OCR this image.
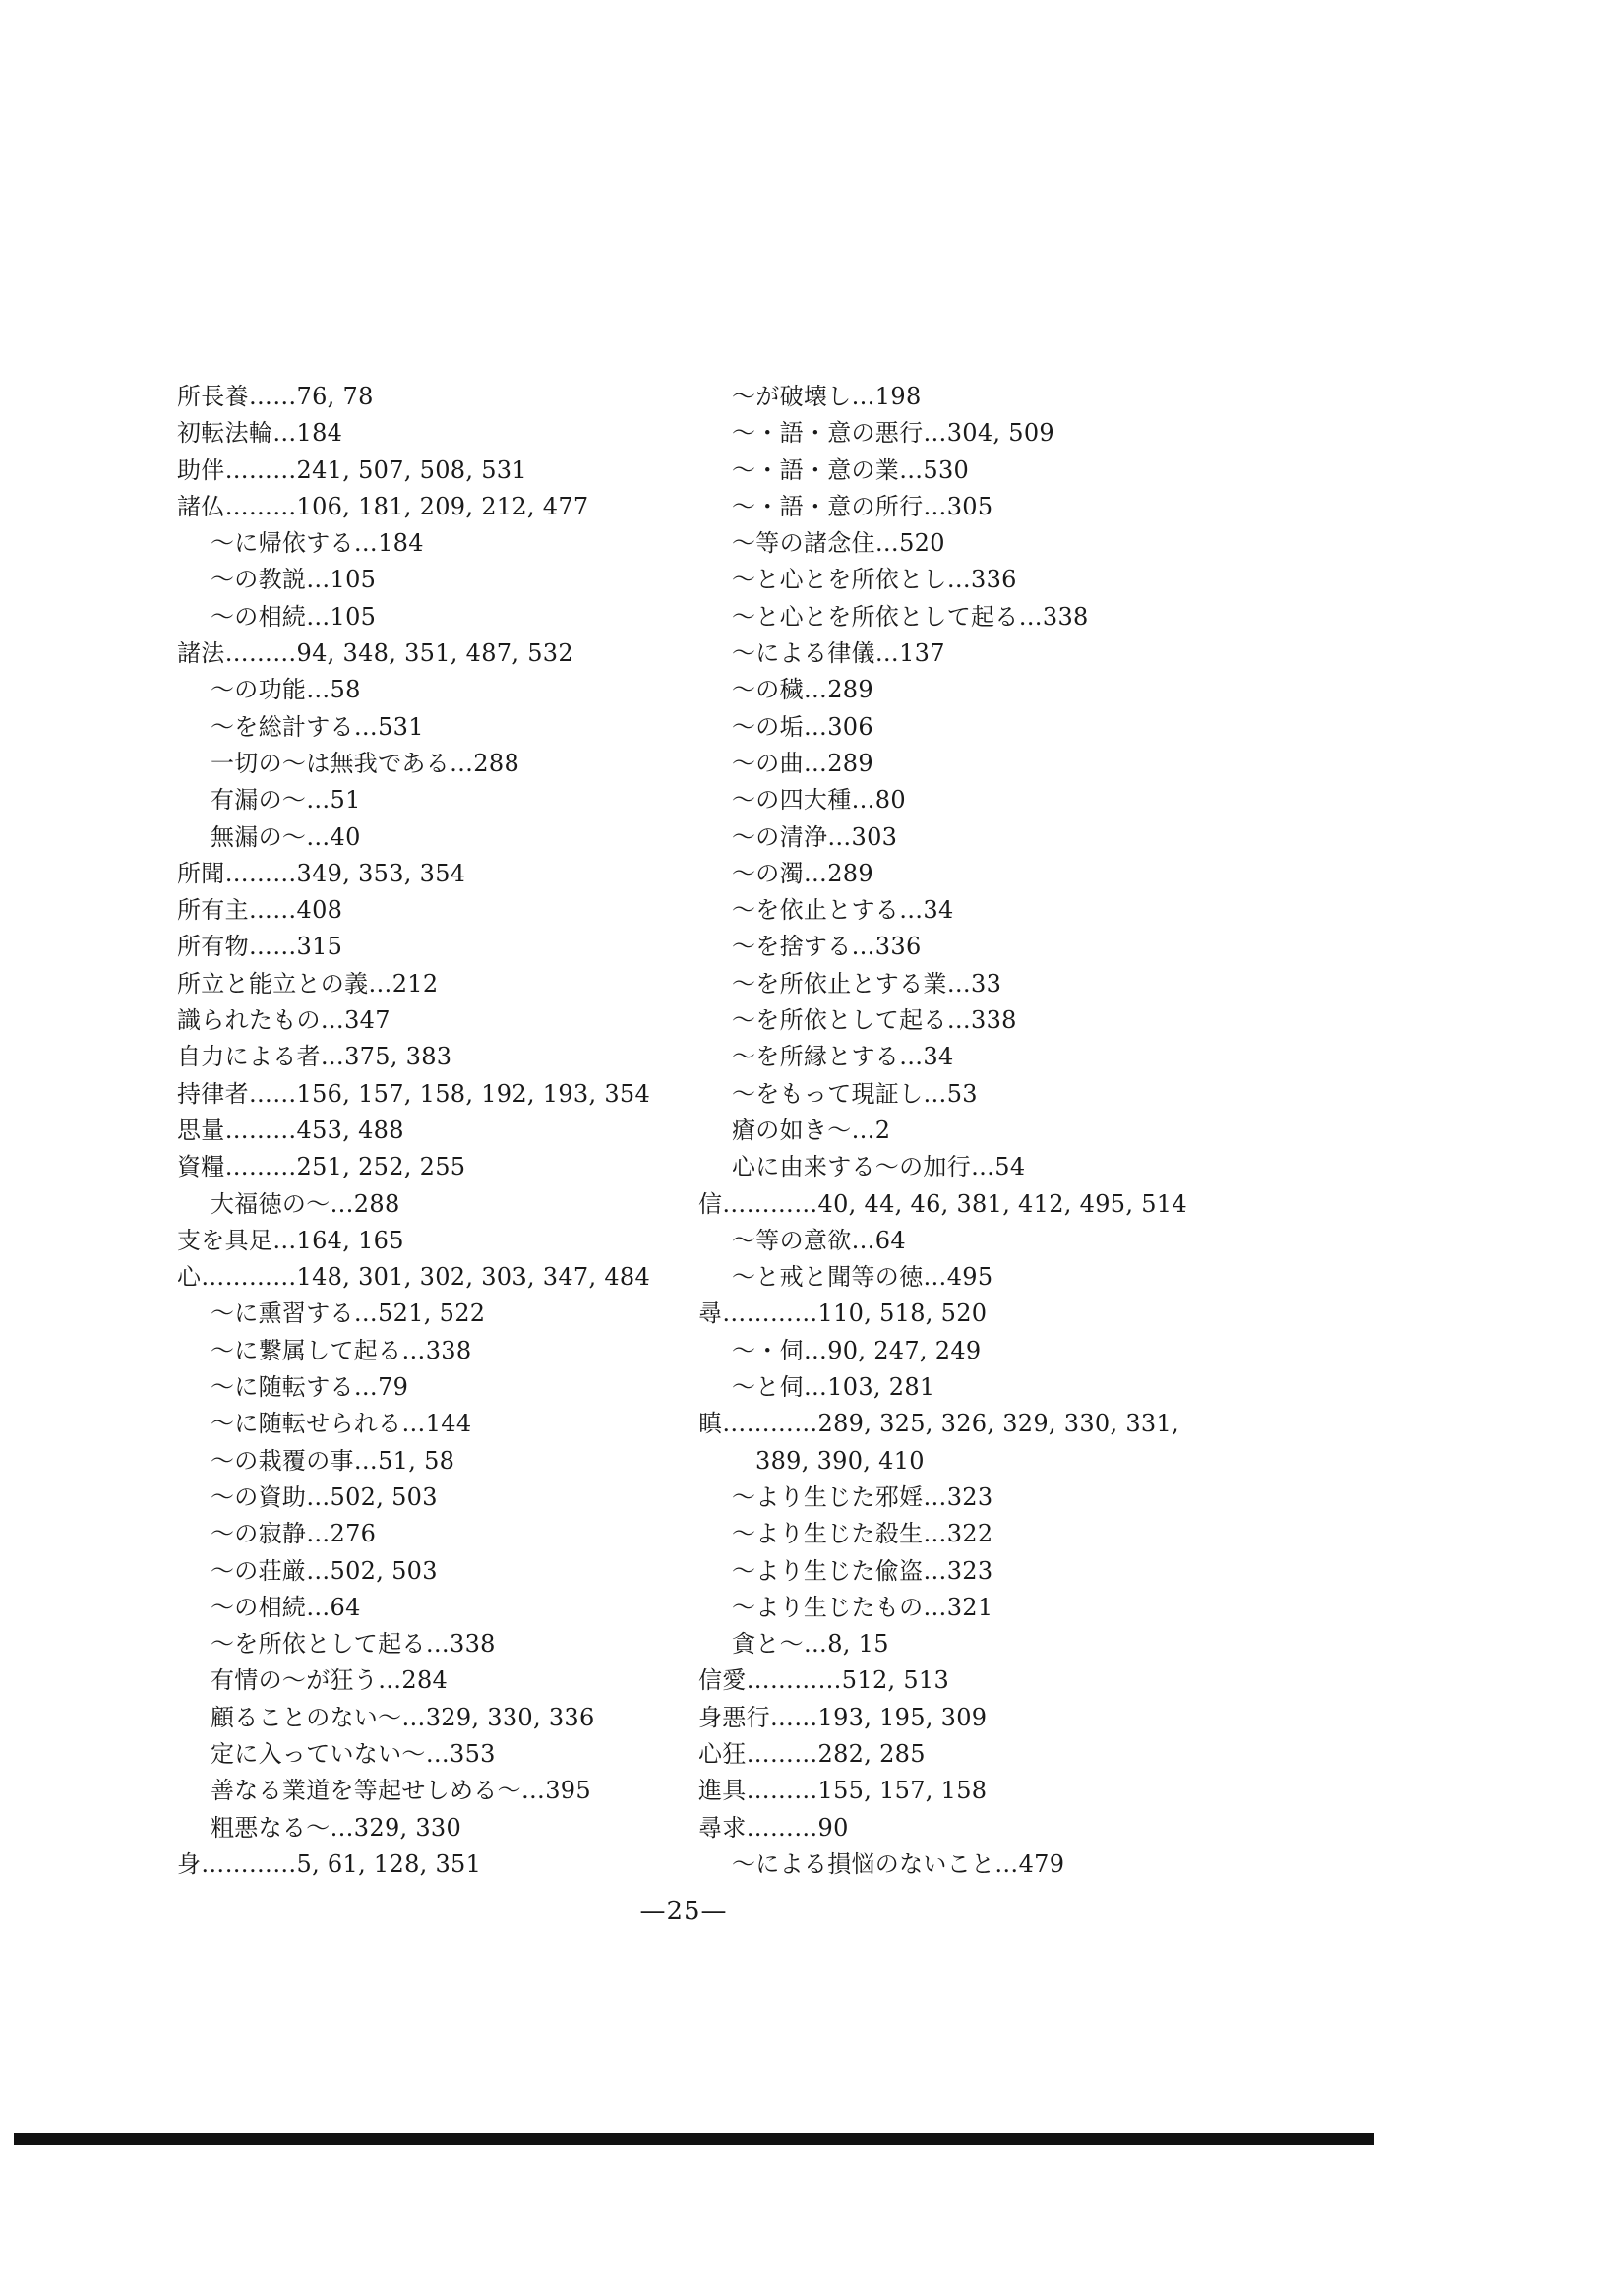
所長養……76, 78
初転法輪…184
助伴………241, 507, 508, 531
諸仏………106, 181, 209, 212, 477
～に帰依する…184
～の教説…105
～の相続…105
諸法………94, 348, 351, 487, 532
～の功能…58
～を総計する…531
一切の～は無我である…288
有漏の～…51
無漏の～…40
所聞………349, 353, 354
所有主……408
所有物……315
所立と能立との義…212
識られたもの…347
自力による者…375, 383
持律者……156, 157, 158, 192, 193, 354
思量………453, 488
資糧………251, 252, 255
大福徳の～…288
支を具足…164, 165
心…………148, 301, 302, 303, 347, 484
～に熏習する…521, 522
～に繋属して起る…338
～に随転する…79
～に随転せられる…144
～の栽覆の事…51, 58
～の資助…502, 503
～の寂静…276
～の荘厳…502, 503
～の相続…64
～を所依として起る…338
有情の～が狂う…284
顧ることのない～…329, 330, 336
定に入っていない～…353
善なる業道を等起せしめる～…395
粗悪なる～…329, 330
身…………5, 61, 128, 351
～が破壊し…198
～・語・意の悪行…304, 509
～・語・意の業…530
～・語・意の所行…305
～等の諸念住…520
～と心とを所依とし…336
～と心とを所依として起る…338
～による律儀…137
～の穢…289
～の垢…306
～の曲…289
～の四大種…80
～の清浄…303
～の濁…289
～を依止とする…34
～を捨する…336
～を所依止とする業…33
～を所依として起る…338
～を所縁とする…34
～をもって現証し…53
瘡の如き～…2
心に由来する～の加行…54
信…………40, 44, 46, 381, 412, 495, 514
～等の意欲…64
～と戒と聞等の徳…495
尋…………110, 518, 520
～・伺…90, 247, 249
～と伺…103, 281
瞋…………289, 325, 326, 329, 330, 331,
389, 390, 410
～より生じた邪婬…323
～より生じた殺生…322
～より生じた偸盗…323
～より生じたもの…321
貪と～…8, 15
信愛…………512, 513
身悪行……193, 195, 309
心狂………282, 285
進具………155, 157, 158
尋求………90
～による損悩のないこと…479
—25—
